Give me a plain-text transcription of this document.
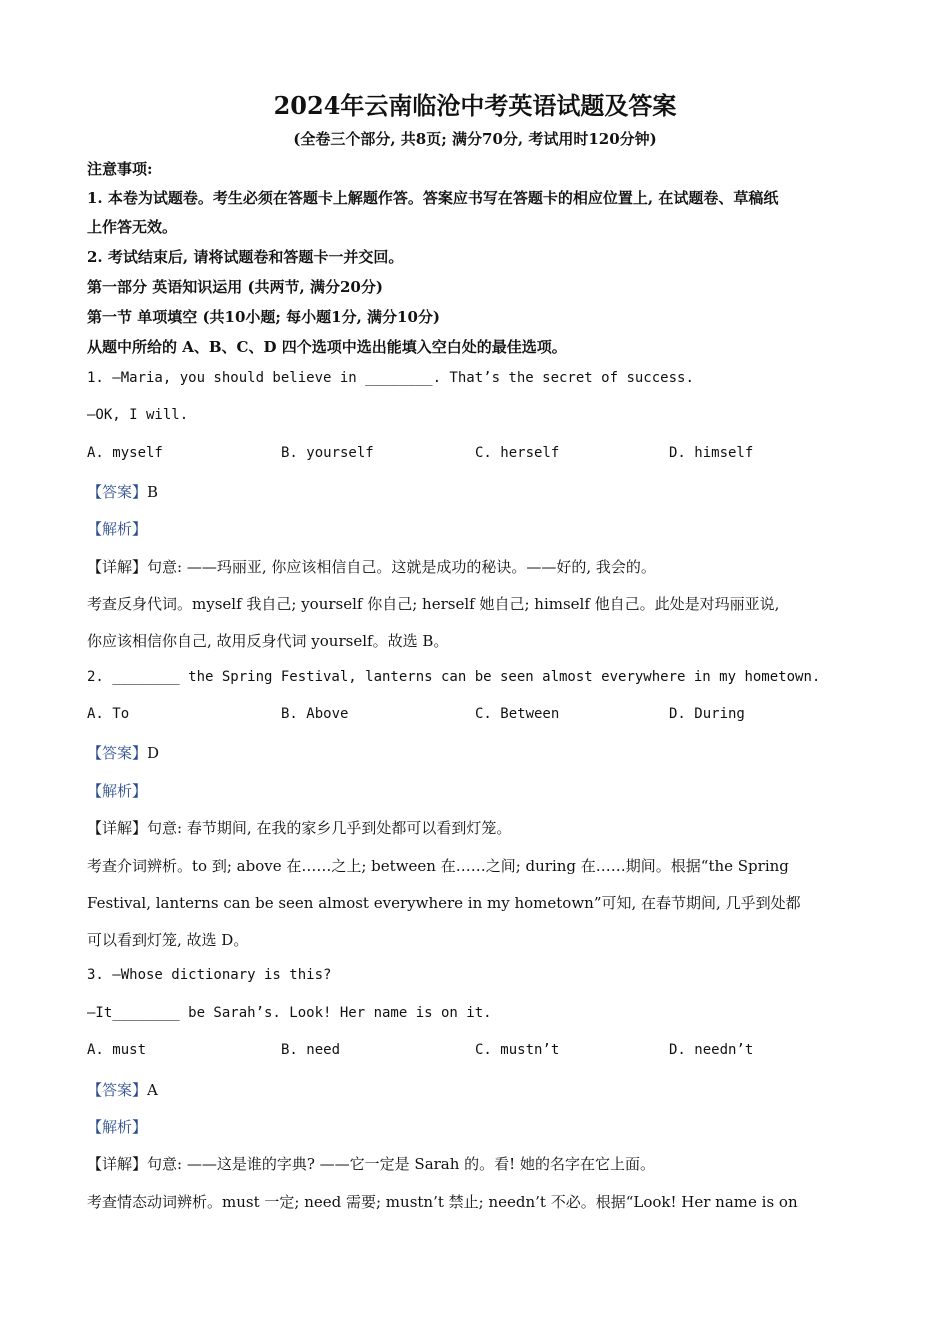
2024年云南临沧中考英语试题及答案
(全卷三个部分, 共8页; 满分70分, 考试用时120分钟)
注意事项:
1. 本卷为试题卷。考生必须在答题卡上解题作答。答案应书写在答题卡的相应位置上, 在试题卷、草稿纸
上作答无效。
2. 考试结束后, 请将试题卷和答题卡一并交回。
第一部分 英语知识运用 (共两节, 满分20分)
第一节 单项填空 (共10小题; 每小题1分, 满分10分)
从题中所给的 A、B、C、D 四个选项中选出能填入空白处的最佳选项。
1. —Maria, you should believe in ________. That’s the secret of success.
—OK, I will.
A. myself	B. yourself	C. herself	D. himself
【答案】B
【解析】
【详解】句意: ——玛丽亚, 你应该相信自己。这就是成功的秘诀。——好的, 我会的。
考查反身代词。myself 我自己; yourself 你自己; herself 她自己; himself 他自己。此处是对玛丽亚说,
你应该相信你自己, 故用反身代词 yourself。故选 B。
2. ________ the Spring Festival, lanterns can be seen almost everywhere in my hometown.
A. To	B. Above	C. Between	D. During
【答案】D
【解析】
【详解】句意: 春节期间, 在我的家乡几乎到处都可以看到灯笼。
考查介词辨析。to 到; above 在……之上; between 在……之间; during 在……期间。根据“the Spring
Festival, lanterns can be seen almost everywhere in my hometown”可知, 在春节期间, 几乎到处都
可以看到灯笼, 故选 D。
3. —Whose dictionary is this?
—It________ be Sarah’s. Look! Her name is on it.
A. must	B. need	C. mustn’t	D. needn’t
【答案】A
【解析】
【详解】句意: ——这是谁的字典? ——它一定是 Sarah 的。看! 她的名字在它上面。
考查情态动词辨析。must 一定; need 需要; mustn’t 禁止; needn’t 不必。根据“Look! Her name is on
